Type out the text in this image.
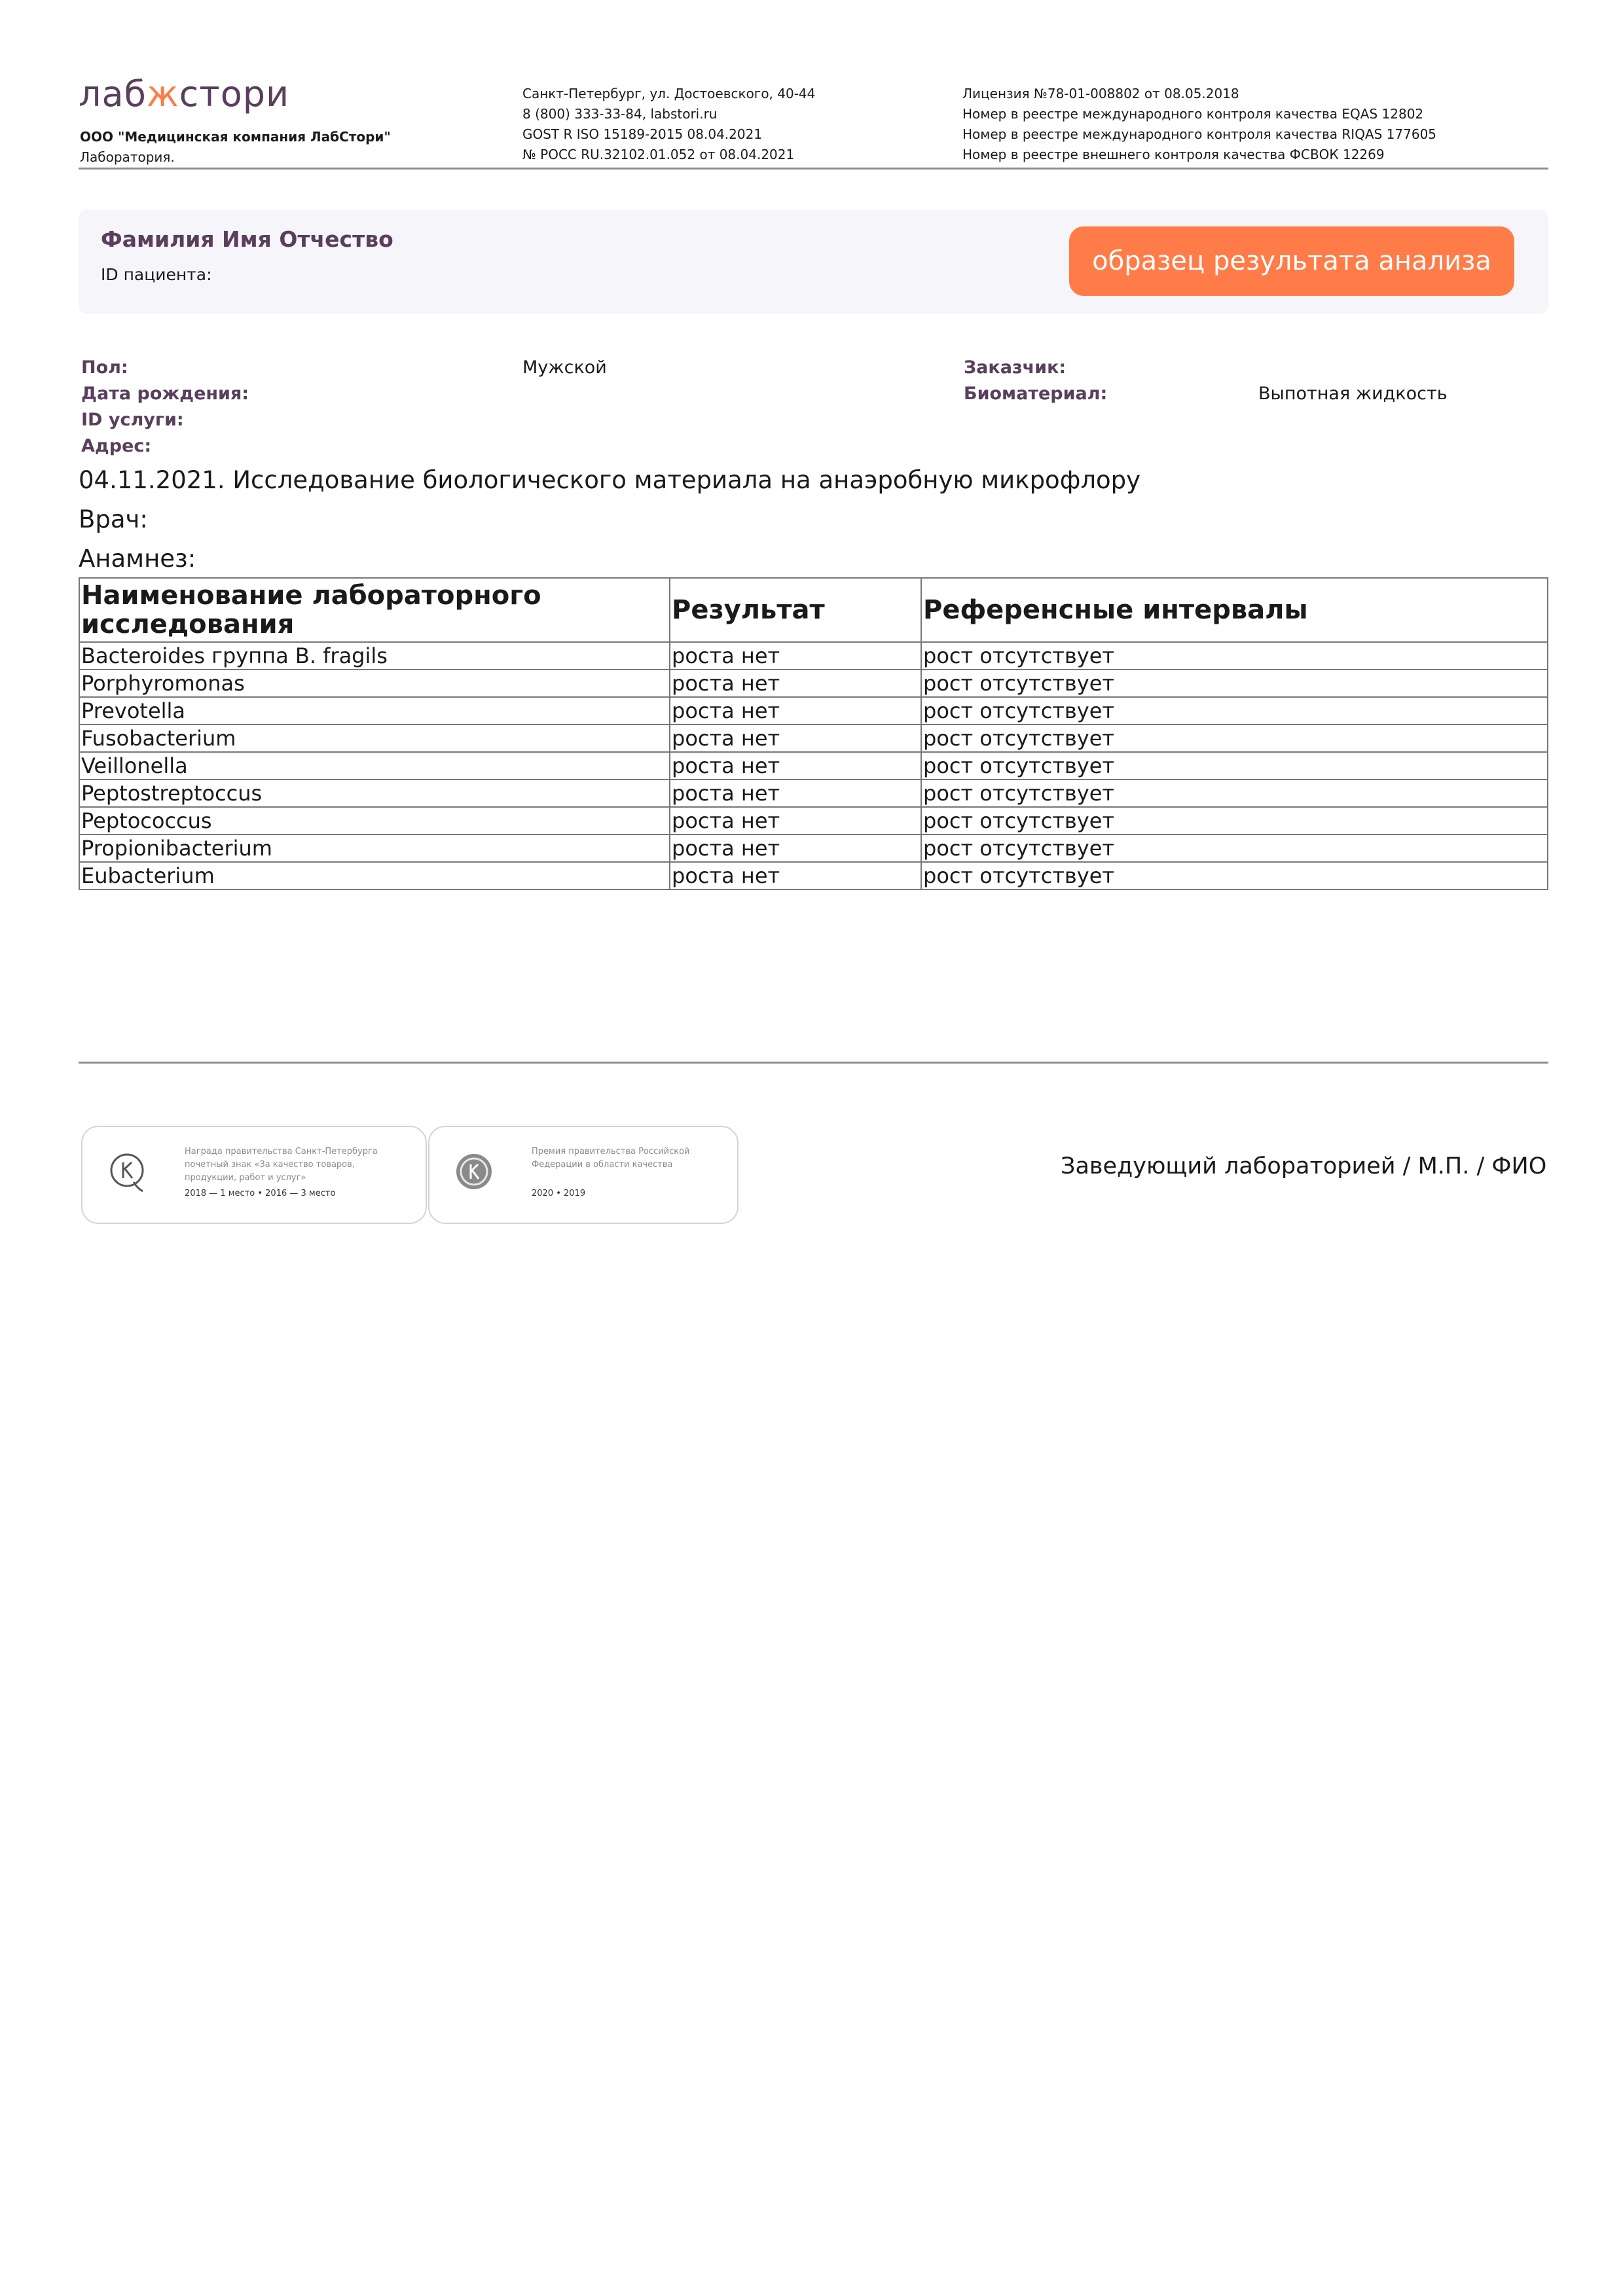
лабжстори
ООО "Медицинская компания ЛабСтори"
Лаборатория.
Санкт-Петербург, ул. Достоевского, 40-44
8 (800) 333-33-84, labstori.ru
GOST R ISO 15189-2015 08.04.2021
№ РОСС RU.32102.01.052 от 08.04.2021
Лицензия №78-01-008802 от 08.05.2018
Номер в реестре международного контроля качества EQAS 12802
Номер в реестре международного контроля качества RIQAS 177605
Номер в реестре внешнего контроля качества ФСВОК 12269
Фамилия Имя Отчество
ID пациента:	образец результата анализа
Пол:	Мужской
Дата рождения:
ID услуги:
Адрес:
Заказчик:
Биоматериал:	Выпотная жидкость
04.11.2021. Исследование биологического материала на анаэробную микрофлору
Врач:
Анамнез:
Наименование лабораторного исследования	Результат	Референсные интервалы
Bacteroides группа B. fragils	роста нет	рост отсутствует
Porphyromonas	роста нет	рост отсутствует
Prevotella	роста нет	рост отсутствует
Fusobacterium	роста нет	рост отсутствует
Veillonella	роста нет	рост отсутствует
Peptostreptoccus	роста нет	рост отсутствует
Peptococcus	роста нет	рост отсутствует
Propionibacterium	роста нет	рост отсутствует
Eubacterium	роста нет	рост отсутствует
Награда правительства Санкт-Петербурга
почетный знак «За качество товаров,
продукции, работ и услуг»
2018 — 1 место • 2016 — 3 место
Премия правительства Российской
Федерации в области качества
2020 • 2019
Заведующий лабораторией / М.П. / ФИО
